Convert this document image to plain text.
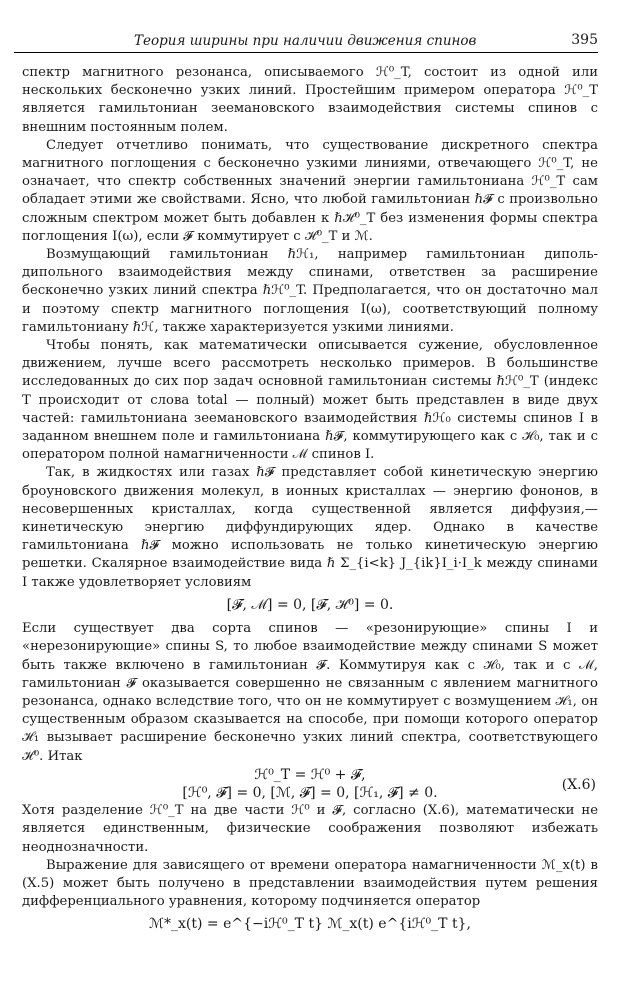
Теория ширины при наличии движения спинов	395

спектр магнитного резонанса, описываемого ℋ⁰_T, состоит из одной или нескольких бесконечно узких линий. Простейшим примером оператора ℋ⁰_T является гамильтониан зеемановского взаимодействия системы спинов с внешним постоянным полем.

Следует отчетливо понимать, что существование дискретного спектра магнитного поглощения с бесконечно узкими линиями, отвечающего ℋ⁰_T, не означает, что спектр собственных значений энергии гамильтониана ℋ⁰_T сам обладает этими же свойствами. Ясно, что любой гамильтониан ℏ𝓕 с произвольно сложным спектром может быть добавлен к ℏℋ⁰_T без изменения формы спектра поглощения I(ω), если 𝓕 коммутирует с ℋ⁰_T и ℳ.

Возмущающий гамильтониан ℏℋ₁, например гамильтониан диполь-дипольного взаимодействия между спинами, ответствен за расширение бесконечно узких линий спектра ℏℋ⁰_T. Предполагается, что он достаточно мал и поэтому спектр магнитного поглощения I(ω), соответствующий полному гамильтониану ℏℋ, также характеризуется узкими линиями.

Чтобы понять, как математически описывается сужение, обусловленное движением, лучше всего рассмотреть несколько примеров. В большинстве исследованных до сих пор задач основной гамильтониан системы ℏℋ⁰_T (индекс T происходит от слова total — полный) может быть представлен в виде двух частей: гамильтониана зеемановского взаимодействия ℏℋ₀ системы спинов I в заданном внешнем поле и гамильтониана ℏ𝓕, коммутирующего как с ℋ₀, так и с оператором полной намагниченности ℳ спинов I.

Так, в жидкостях или газах ℏ𝓕 представляет собой кинетическую энергию броуновского движения молекул, в ионных кристаллах — энергию фононов, в несовершенных кристаллах, когда существенной является диффузия,— кинетическую энергию диффундирующих ядер. Однако в качестве гамильтониана ℏ𝓕 можно использовать не только кинетическую энергию решетки. Скалярное взаимодействие вида ℏ Σ_{i<k} J_{ik}I_i·I_k между спинами I также удовлетворяет условиям

[𝓕, ℳ] = 0, [𝓕, ℋ⁰] = 0.

Если существует два сорта спинов — «резонирующие» спины I и «нерезонирующие» спины S, то любое взаимодействие между спинами S может быть также включено в гамильтониан 𝓕. Коммутируя как с ℋ₀, так и с ℳ, гамильтониан 𝓕 оказывается совершенно не связанным с явлением магнитного резонанса, однако вследствие того, что он не коммутирует с возмущением ℋ₁, он существенным образом сказывается на способе, при помощи которого оператор ℋ₁ вызывает расширение бесконечно узких линий спектра, соответствующего ℋ⁰. Итак

ℋ⁰_T = ℋ⁰ + 𝓕,
[ℋ⁰, 𝓕] = 0, [ℳ, 𝓕] = 0, [ℋ₁, 𝓕] ≠ 0.
(X.6)

Хотя разделение ℋ⁰_T на две части ℋ⁰ и 𝓕, согласно (X.6), математически не является единственным, физические соображения позволяют избежать неоднозначности.

Выражение для зависящего от времени оператора намагниченности ℳ_x(t) в (X.5) может быть получено в представлении взаимодействия путем решения дифференциального уравнения, которому подчиняется оператор

ℳ*_x(t) = e^{−iℋ⁰_T t} ℳ_x(t) e^{iℋ⁰_T t},
